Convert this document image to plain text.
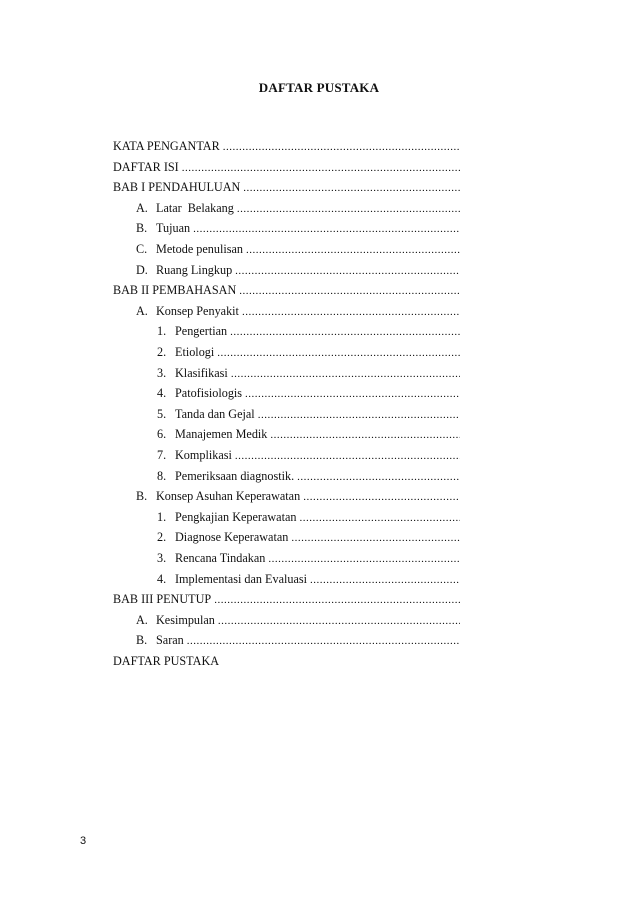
DAFTAR PUSTAKA
KATA PENGANTAR
.....
DAFTAR ISI
.....
BAB I PENDAHULUAN
.....
A. Latar  Belakang
.....
B. Tujuan
.....
C. Metode penulisan
.....
D. Ruang Lingkup
.....
BAB II PEMBAHASAN
.....
A. Konsep Penyakit
.....
1. Pengertian
.....
2. Etiologi
.....
3. Klasifikasi
.....
4. Patofisiologis
.....
5. Tanda dan Gejal
.....
6. Manajemen Medik
.....
7. Komplikasi
.....
8. Pemeriksaan diagnostik.
.....
B. Konsep Asuhan Keperawatan
.....
1. Pengkajian Keperawatan
.....
2. Diagnose Keperawatan
.....
3. Rencana Tindakan
.....
4. Implementasi dan Evaluasi
.....
BAB III PENUTUP
.....
A. Kesimpulan
.....
B. Saran
.....
DAFTAR PUSTAKA
3
